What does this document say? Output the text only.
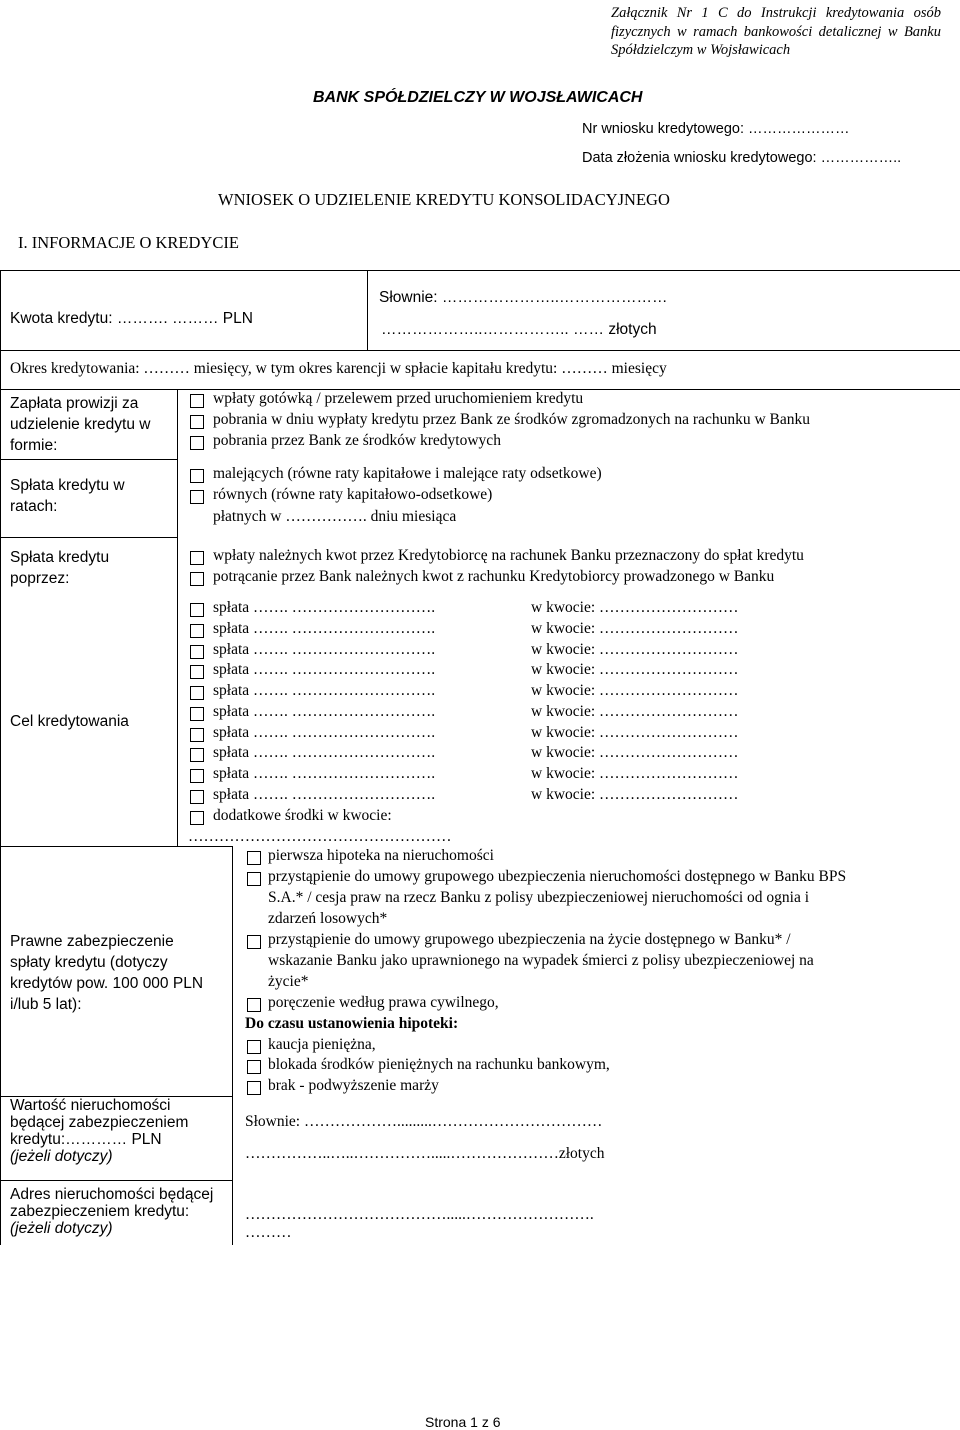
Załącznik Nr 1 C do Instrukcji kredytowania osób
fizycznych w ramach bankowości detalicznej w Banku
Spółdzielczym w Wojsławicach
BANK SPÓŁDZIELCZY W WOJSŁAWICACH
Nr wniosku kredytowego: …………………
Data złożenia wniosku kredytowego: ……………..
WNIOSEK O UDZIELENIE KREDYTU KONSOLIDACYJNEGO
I. INFORMACJE O KREDYCIE
Kwota kredytu: ………. ……… PLN
Słownie: …………………..…………………
………………..…………….. …… złotych
Okres kredytowania: ……… miesięcy, w tym okres karencji w spłacie kapitału kredytu: ……… miesięcy
Zapłata prowizji za
udzielenie kredytu w
formie:
wpłaty gotówką / przelewem przed uruchomieniem kredytu
pobrania w dniu wypłaty kredytu przez Bank ze środków zgromadzonych na rachunku w Banku
pobrania przez Bank ze środków kredytowych
Spłata kredytu w
ratach:
malejących (równe raty kapitałowe i malejące raty odsetkowe)
równych (równe raty kapitałowo-odsetkowe)
płatnych w ……………. dniu miesiąca
Spłata kredytu
poprzez:
wpłaty należnych kwot przez Kredytobiorcę na rachunek Banku przeznaczony do spłat kredytu
potrącanie przez Bank należnych kwot z rachunku Kredytobiorcy prowadzonego w Banku
Cel kredytowania
spłata ……. ……………………….	w kwocie: ………………………
spłata ……. ……………………….	w kwocie: ………………………
spłata ……. ……………………….	w kwocie: ………………………
spłata ……. ……………………….	w kwocie: ………………………
spłata ……. ……………………….	w kwocie: ………………………
spłata ……. ……………………….	w kwocie: ………………………
spłata ……. ……………………….	w kwocie: ………………………
spłata ……. ……………………….	w kwocie: ………………………
spłata ……. ……………………….	w kwocie: ………………………
spłata ……. ……………………….	w kwocie: ………………………
dodatkowe środki w kwocie:
……………………………………………
Prawne zabezpieczenie
spłaty kredytu (dotyczy
kredytów pow. 100 000 PLN
i/lub 5 lat):
pierwsza hipoteka na nieruchomości
przystąpienie do umowy grupowego ubezpieczenia nieruchomości dostępnego w Banku BPS
S.A.* / cesja praw na rzecz Banku z polisy ubezpieczeniowej nieruchomości od ognia i
zdarzeń losowych*
przystąpienie do umowy grupowego ubezpieczenia na życie dostępnego w Banku* /
wskazanie Banku jako uprawnionego na wypadek śmierci z polisy ubezpieczeniowej na
życie*
poręczenie według prawa cywilnego,
Do czasu ustanowienia hipoteki:
kaucja pieniężna,
blokada środków pieniężnych na rachunku bankowym,
brak - podwyższenie marży
Wartość nieruchomości
będącej zabezpieczeniem
kredytu:………… PLN
(jeżeli dotyczy)
Słownie: ……………….........……………………………
……………..…..…………….....…………………złotych
Adres nieruchomości będącej
zabezpieczeniem kredytu:
(jeżeli dotyczy)
………………………………….....…………………….
………
Strona 1 z 6
